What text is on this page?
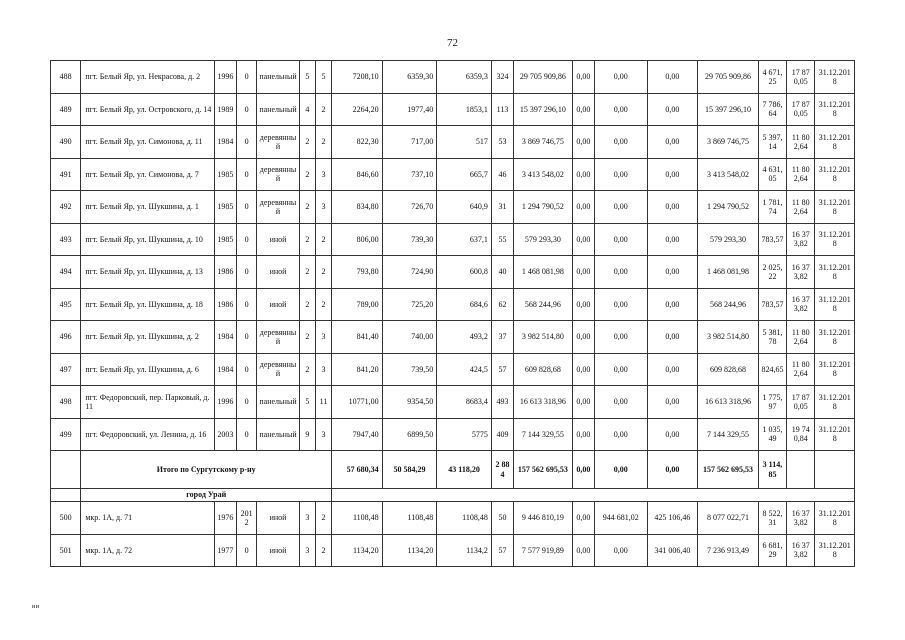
72
488	пгт. Белый Яр, ул. Некрасова, д. 2	1996	0	панельный	5	5	7208,10	6359,30	6359,3	324	29 705 909,86	0,00	0,00	0,00	29 705 909,86	4 671,25	17 870,05	31.12.2018
489	пгт. Белый Яр, ул. Островского, д. 14	1989	0	панельный	4	2	2264,20	1977,40	1853,1	113	15 397 296,10	0,00	0,00	0,00	15 397 296,10	7 786,64	17 870,05	31.12.2018
490	пгт. Белый Яр, ул. Симонова, д. 11	1984	0	деревянный	2	2	822,30	717,00	517	53	3 869 746,75	0,00	0,00	0,00	3 869 746,75	5 397,14	11 802,64	31.12.2018
491	пгт. Белый Яр, ул. Симонова, д. 7	1985	0	деревянный	2	3	846,60	737,10	665,7	46	3 413 548,02	0,00	0,00	0,00	3 413 548,02	4 631,05	11 802,64	31.12.2018
492	пгт. Белый Яр, ул. Шукшина, д. 1	1985	0	деревянный	2	3	834,80	726,70	640,9	31	1 294 790,52	0,00	0,00	0,00	1 294 790,52	1 781,74	11 802,64	31.12.2018
493	пгт. Белый Яр, ул. Шукшина, д. 10	1985	0	иной	2	2	806,00	739,30	637,1	55	579 293,30	0,00	0,00	0,00	579 293,30	783,57	16 373,82	31.12.2018
494	пгт. Белый Яр, ул. Шукшина, д. 13	1986	0	иной	2	2	793,80	724,90	600,8	40	1 468 081,98	0,00	0,00	0,00	1 468 081,98	2 025,22	16 373,82	31.12.2018
495	пгт. Белый Яр, ул. Шукшина, д. 18	1986	0	иной	2	2	789,00	725,20	684,6	62	568 244,96	0,00	0,00	0,00	568 244,96	783,57	16 373,82	31.12.2018
496	пгт. Белый Яр, ул. Шукшина, д. 2	1984	0	деревянный	2	3	841,40	740,00	493,2	37	3 982 514,80	0,00	0,00	0,00	3 982 514,80	5 381,78	11 802,64	31.12.2018
497	пгт. Белый Яр, ул. Шукшина, д. 6	1984	0	деревянный	2	3	841,20	739,50	424,5	57	609 828,68	0,00	0,00	0,00	609 828,68	824,65	11 802,64	31.12.2018
498	пгт. Федоровский, пер. Парковый, д. 11	1996	0	панельный	5	11	10771,00	9354,50	8683,4	493	16 613 318,96	0,00	0,00	0,00	16 613 318,96	1 775,97	17 870,05	31.12.2018
499	пгт. Федоровский, ул. Ленина, д. 16	2003	0	панельный	9	3	7947,40	6899,50	5775	409	7 144 329,55	0,00	0,00	0,00	7 144 329,55	1 035,49	19 740,84	31.12.2018
	Итого по Сургутскому р-ну						57 680,34	50 584,29	43 118,20	2 884	157 562 695,53	0,00	0,00	0,00	157 562 695,53	3 114,85		
	город Урай																	
500	мкр. 1А, д. 71	1976	2012	иной	3	2	1108,48	1108,48	1108,48	50	9 446 810,19	0,00	944 681,02	425 106,46	8 077 022,71	8 522,31	16 373,82	31.12.2018
501	мкр. 1А, д. 72	1977	0	иной	3	2	1134,20	1134,20	1134,2	57	7 577 919,89	0,00	0,00	341 006,40	7 236 913,49	6 681,29	16 373,82	31.12.2018
ии
